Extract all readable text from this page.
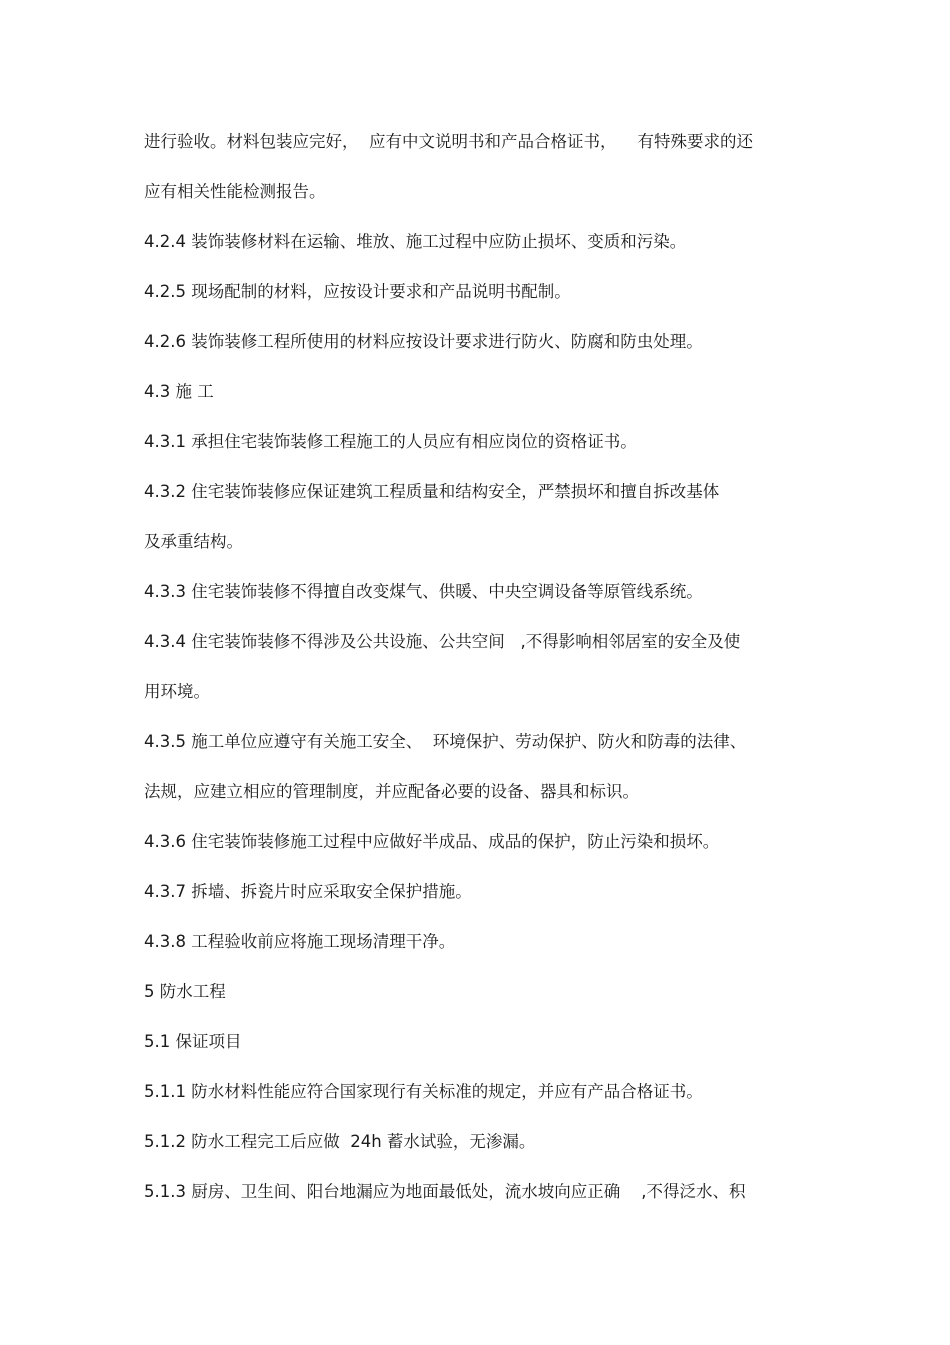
进行验收。材料包装应完好，  应有中文说明书和产品合格证书，    有特殊要求的还
应有相关性能检测报告。
4.2.4 装饰装修材料在运输、堆放、施工过程中应防止损坏、变质和污染。
4.2.5 现场配制的材料，应按设计要求和产品说明书配制。
4.2.6 装饰装修工程所使用的材料应按设计要求进行防火、防腐和防虫处理。
4.3 施 工
4.3.1 承担住宅装饰装修工程施工的人员应有相应岗位的资格证书。
4.3.2 住宅装饰装修应保证建筑工程质量和结构安全，严禁损坏和擅自拆改基体
及承重结构。
4.3.3 住宅装饰装修不得擅自改变煤气、供暖、中央空调设备等原管线系统。
4.3.4 住宅装饰装修不得涉及公共设施、公共空间   ,不得影响相邻居室的安全及使
用环境。
4.3.5 施工单位应遵守有关施工安全、  环境保护、劳动保护、防火和防毒的法律、
法规，应建立相应的管理制度，并应配备必要的设备、器具和标识。
4.3.6 住宅装饰装修施工过程中应做好半成品、成品的保护，防止污染和损坏。
4.3.7 拆墙、拆瓷片时应采取安全保护措施。
4.3.8 工程验收前应将施工现场清理干净。
5 防水工程
5.1 保证项目
5.1.1 防水材料性能应符合国家现行有关标准的规定，并应有产品合格证书。
5.1.2 防水工程完工后应做  24h 蓄水试验，无渗漏。
5.1.3 厨房、卫生间、阳台地漏应为地面最低处，流水坡向应正确    ,不得泛水、积
